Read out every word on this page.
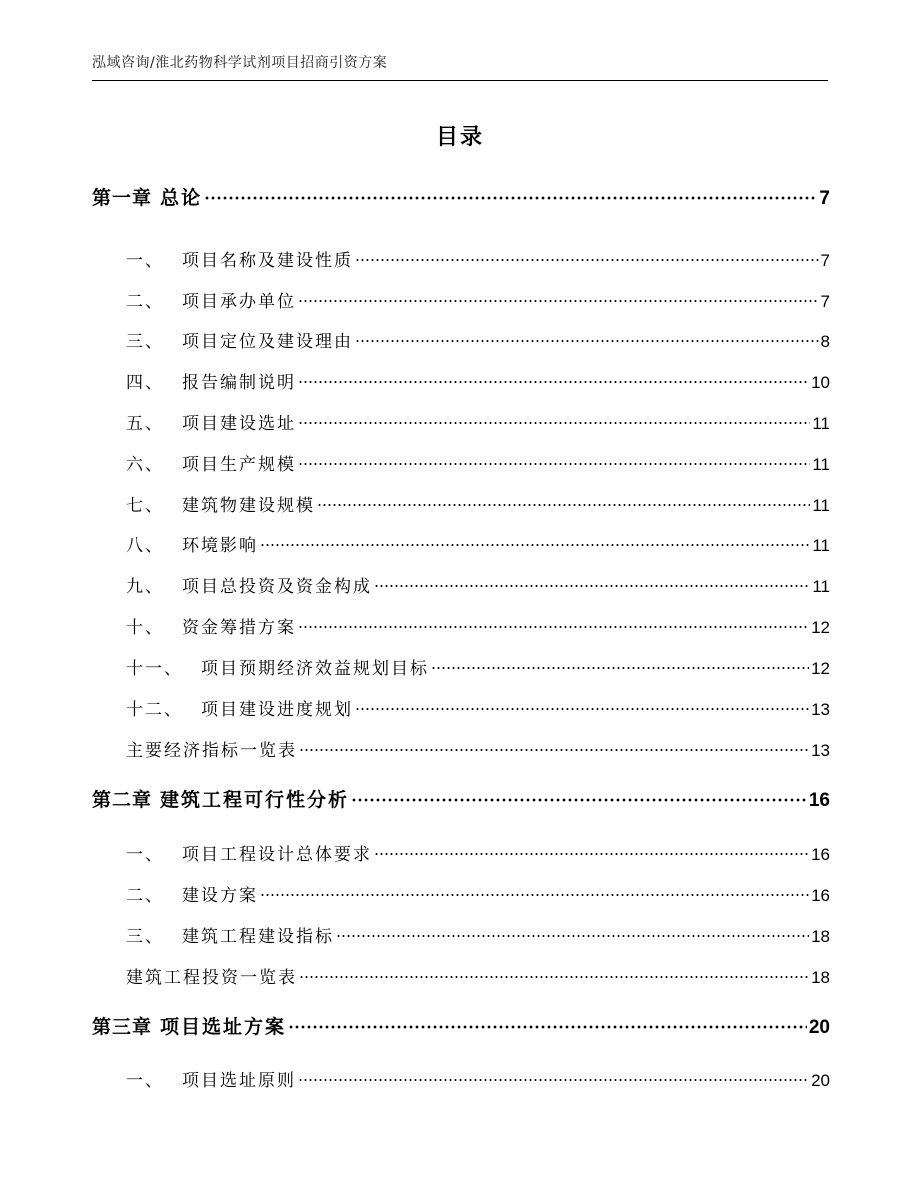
泓域咨询/淮北药物科学试剂项目招商引资方案
目录
第一章 总论	7
一、 项目名称及建设性质	7
二、 项目承办单位	7
三、 项目定位及建设理由	8
四、 报告编制说明	10
五、 项目建设选址	11
六、 项目生产规模	11
七、 建筑物建设规模	11
八、 环境影响	11
九、 项目总投资及资金构成	11
十、 资金筹措方案	12
十一、 项目预期经济效益规划目标	12
十二、 项目建设进度规划	13
主要经济指标一览表	13
第二章 建筑工程可行性分析	16
一、 项目工程设计总体要求	16
二、 建设方案	16
三、 建筑工程建设指标	18
建筑工程投资一览表	18
第三章 项目选址方案	20
一、 项目选址原则	20
